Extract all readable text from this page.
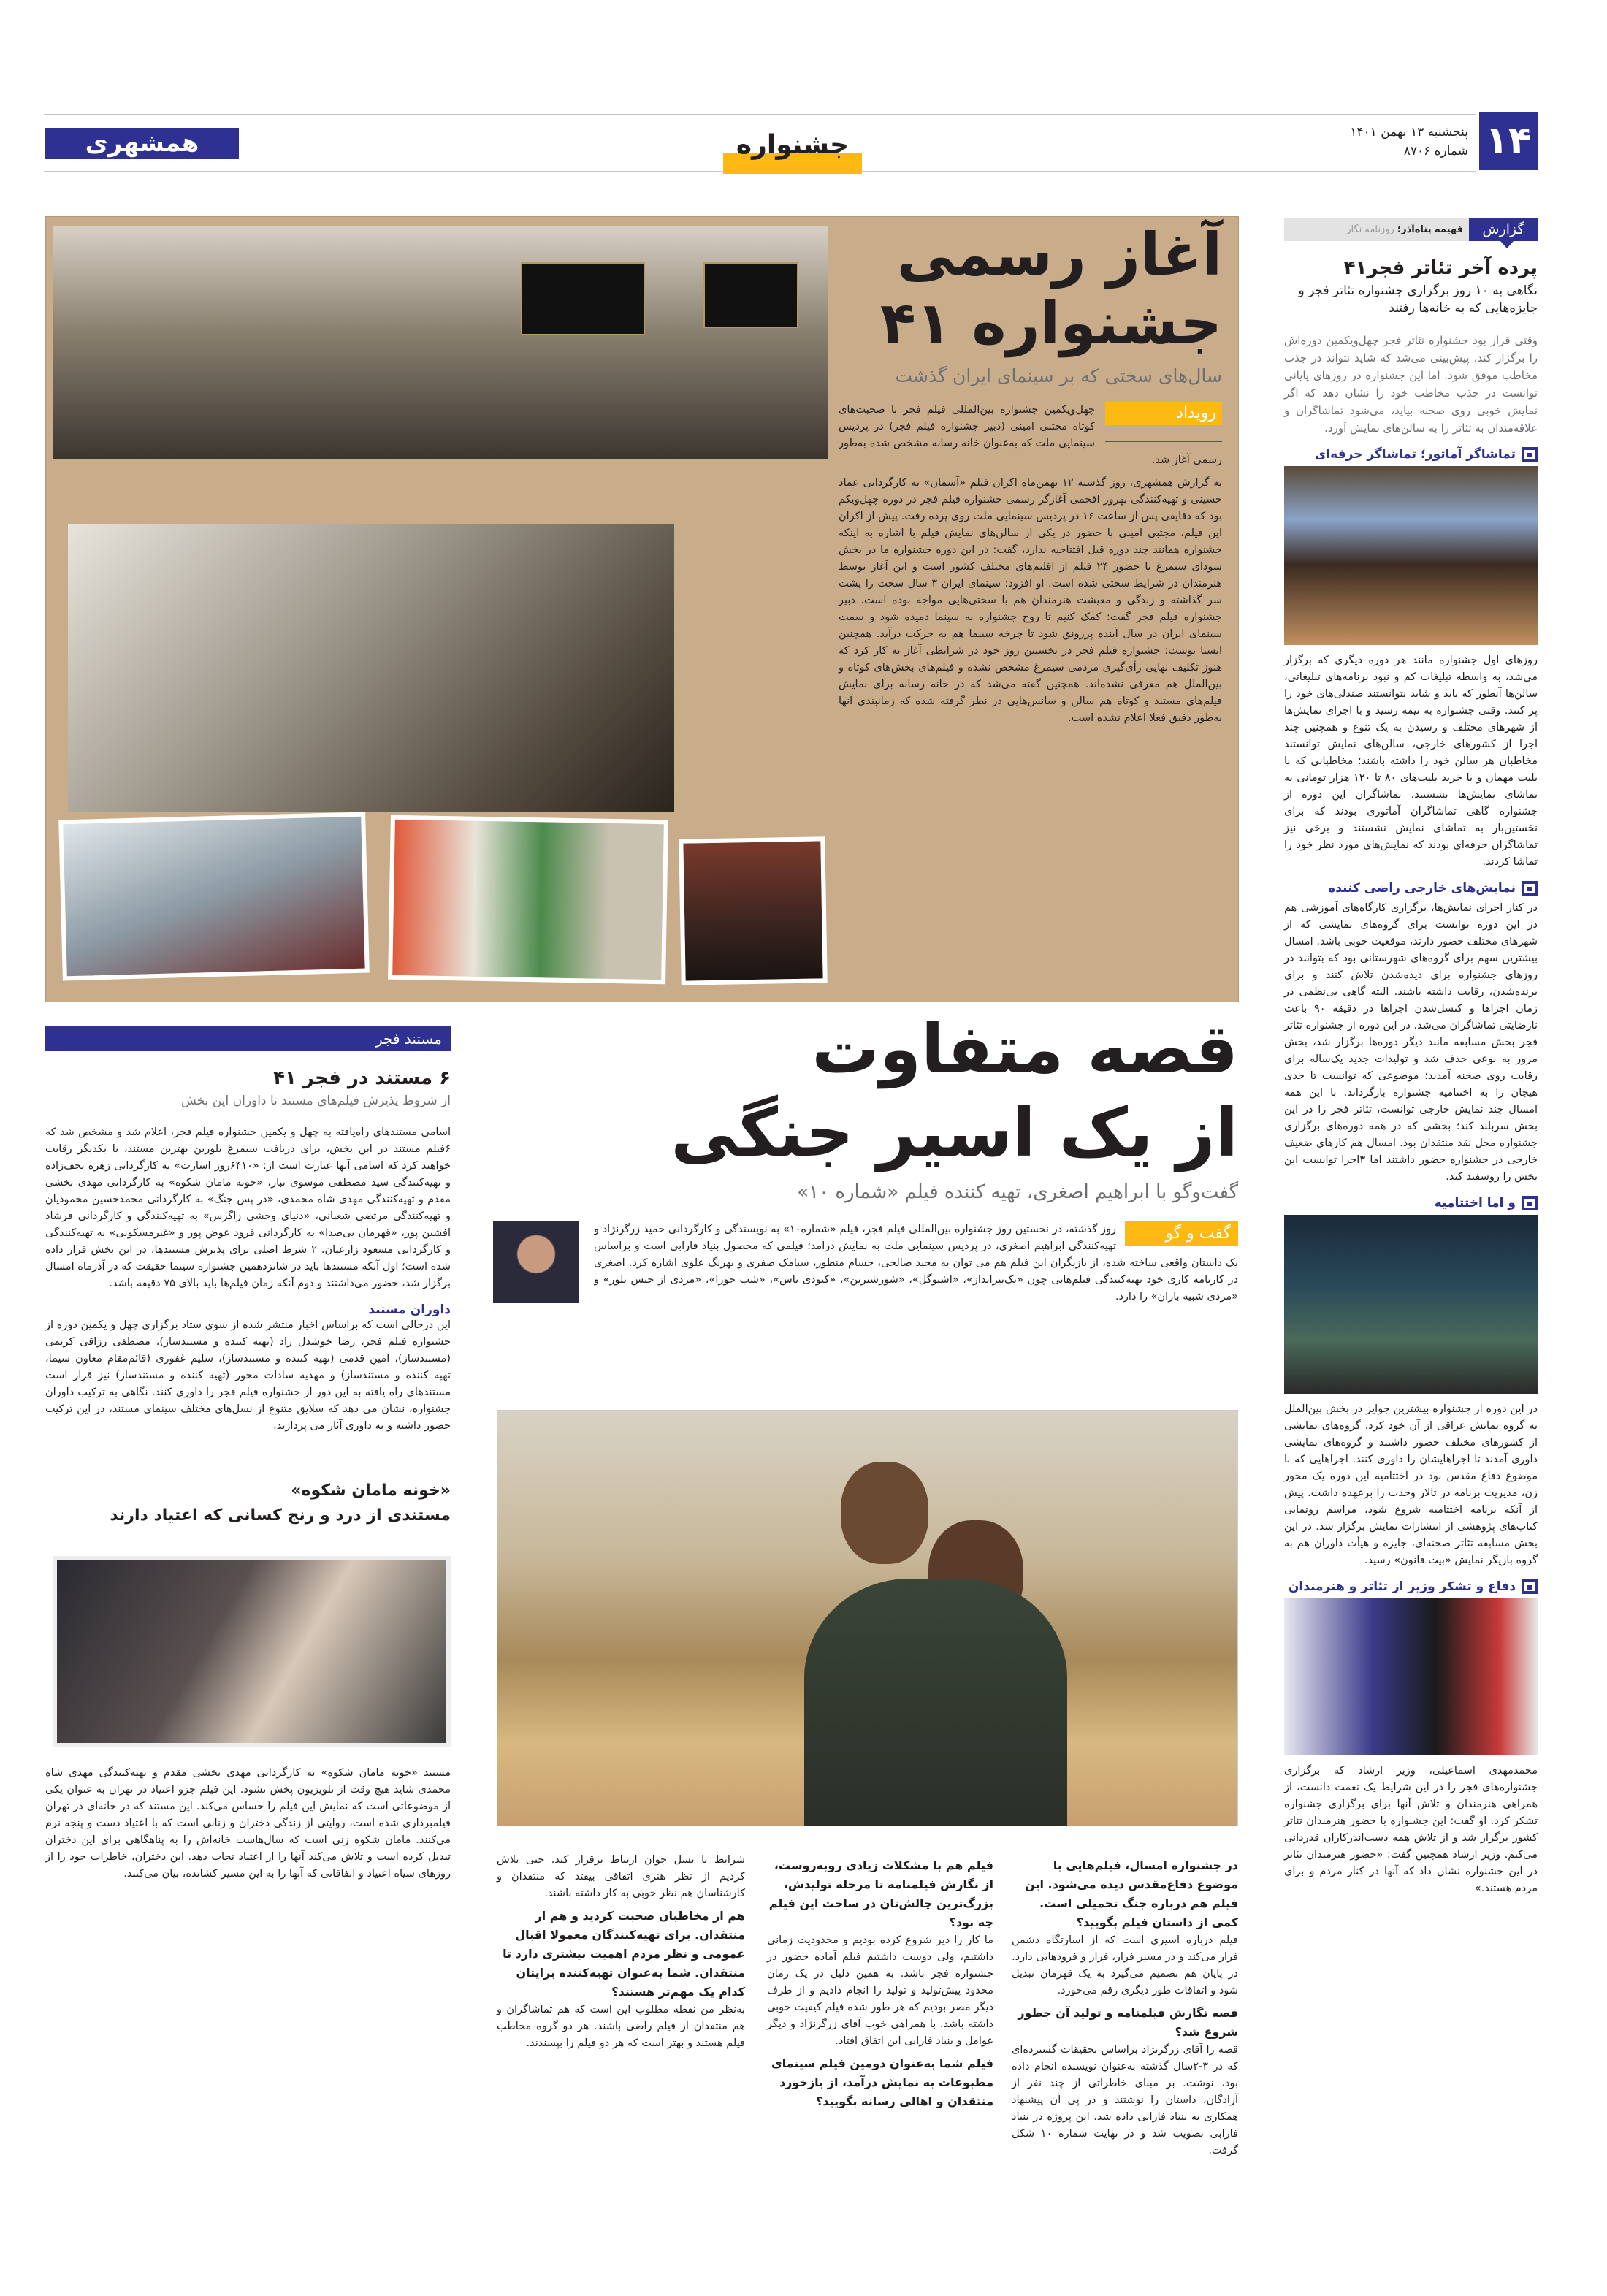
۱۴
پنجشنبه ۱۳ بهمن ۱۴۰۱
شماره ۸۷۰۶
همشهری	جشنواره
آغاز رسمی
جشنواره ۴۱
سال‌های سختی که بر سینمای ایران گذشت
رویداد
چهل‌ویکمین جشنواره بین‌المللی فیلم فجر با صحبت‌های کوتاه مجتبی امینی (دبیر جشنواره فیلم فجر) در پردیس سینمایی ملت که به‌عنوان خانه رسانه مشخص شده به‌طور رسمی آغاز شد.
به گزارش همشهری، روز گذشته ۱۲ بهمن‌ماه اکران فیلم «آسمان» به کارگردانی عماد حسینی و تهیه‌کنندگی بهروز افخمی آغازگر رسمی جشنواره فیلم فجر در دوره چهل‌ویکم بود که دقایقی پس از ساعت ۱۶ در پردیس سینمایی ملت روی پرده رفت. پیش از اکران این فیلم، مجتبی امینی با حضور در یکی از سالن‌های نمایش فیلم با اشاره به اینکه جشنواره همانند چند دوره قبل افتتاحیه ندارد، گفت: در این دوره جشنواره ما در بخش سودای سیمرغ با حضور ۲۴ فیلم از اقلیم‌های مختلف کشور است و این آغاز توسط هنرمندان در شرایط سختی شده است. او افزود: سینمای ایران ۳ سال سخت را پشت سر گذاشته و زندگی و معیشت هنرمندان هم با سختی‌هایی مواجه بوده است. دبیر جشنواره فیلم فجر گفت: کمک کنیم تا روح جشنواره به سینما دمیده شود و سمت سینمای ایران در سال آینده پررونق شود تا چرخه سینما هم به حرکت درآید. همچنین ایسنا نوشت: جشنواره فیلم فجر در نخستین روز خود در شرایطی آغاز به کار کرد که هنوز تکلیف نهایی رأی‌گیری مردمی سیمرغ مشخص نشده و فیلم‌های بخش‌های کوتاه و بین‌الملل هم معرفی نشده‌اند. همچنین گفته می‌شد که در خانه رسانه برای نمایش فیلم‌های مستند و کوتاه هم سالن و سانس‌هایی در نظر گرفته شده که زمانبندی آنها به‌طور دقیق فعلا اعلام نشده است.
گزارش
فهیمه پناه‌آذر؛ روزنامه نگار
پرده آخر تئاتر فجر۴۱
نگاهی به ۱۰ روز برگزاری جشنواره تئاتر فجر و جایزه‌هایی که به خانه‌ها رفتند
وقتی قرار بود جشنواره تئاتر فجر چهل‌ویکمین دوره‌اش را برگزار کند، پیش‌بینی می‌شد که شاید نتواند در جذب مخاطب موفق شود. اما این جشنواره در روزهای پایانی توانست در جذب مخاطب خود را نشان دهد که اگر نمایش خوبی روی صحنه بیاید، می‌شود تماشاگران و علاقه‌مندان به تئاتر را به سالن‌های نمایش آورد.
تماشاگر آماتور؛ تماشاگر حرفه‌ای
روزهای اول جشنواره مانند هر دوره دیگری که برگزار می‌شد، به واسطه تبلیغات کم و نبود برنامه‌های تبلیغاتی، سالن‌ها آنطور که باید و شاید نتوانستند صندلی‌های خود را پر کنند. وقتی جشنواره به نیمه رسید و با اجرای نمایش‌ها از شهرهای مختلف و رسیدن به یک تنوع و همچنین چند اجرا از کشورهای خارجی، سالن‌های نمایش توانستند مخاطبان هر سالن خود را داشته باشند؛ مخاطبانی که با بلیت مهمان و با خرید بلیت‌های ۸۰ تا ۱۲۰ هزار تومانی به تماشای نمایش‌ها نشستند. تماشاگران این دوره از جشنواره گاهی تماشاگران آماتوری بودند که برای نخستین‌بار به تماشای نمایش نشستند و برخی نیز تماشاگران حرفه‌ای بودند که نمایش‌های مورد نظر خود را تماشا کردند.
نمایش‌های خارجی راضی کننده
در کنار اجرای نمایش‌ها، برگزاری کارگاه‌های آموزشی هم در این دوره توانست برای گروه‌های نمایشی که از شهرهای مختلف حضور دارند، موقعیت خوبی باشد. امسال بیشترین سهم برای گروه‌های شهرستانی بود که بتوانند در روزهای جشنواره برای دیده‌شدن تلاش کنند و برای برنده‌شدن، رقابت داشته باشند. البته گاهی بی‌نظمی در زمان اجراها و کنسل‌شدن اجراها در دقیقه ۹۰ باعث نارضایتی تماشاگران می‌شد. در این دوره از جشنواره تئاتر فجر بخش مسابقه مانند دیگر دوره‌ها برگزار شد، بخش مرور به نوعی حذف شد و تولیدات جدید یک‌ساله برای رقابت روی صحنه آمدند؛ موضوعی که توانست تا حدی هیجان را به اختتامیه جشنواره بازگرداند. با این همه امسال چند نمایش خارجی توانست، تئاتر فجر را در این بخش سربلند کند؛ بخشی که در همه دوره‌های برگزاری جشنواره محل نقد منتقدان بود. امسال هم کارهای ضعیف خارجی در جشنواره حضور داشتند اما ۳اجرا توانست این بخش را روسفید کند.
و اما اختتامیه
در این دوره از جشنواره بیشترین جوایز در بخش بین‌الملل به گروه نمایش عراقی از آن خود کرد. گروه‌های نمایشی از کشورهای مختلف حضور داشتند و گروه‌های نمایشی داوری آمدند تا اجراهایشان را داوری کنند. اجراهایی که با موضوع دفاع مقدس بود در اختتامیه این دوره یک محور زن، مدیریت برنامه در تالار وحدت را برعهده داشت. پیش از آنکه برنامه اختتامیه شروع شود، مراسم رونمایی کتاب‌های پژوهشی از انتشارات نمایش برگزار شد. در این بخش مسابقه تئاتر صحنه‌ای، جایزه و هیأت داوران هم به گروه بازیگر نمایش «بیت قانون» رسید.
دفاع و تشکر وزیر از تئاتر و هنرمندان
محمدمهدی اسماعیلی، وزیر ارشاد که برگزاری جشنواره‌های فجر را در این شرایط یک نعمت دانست، از همراهی هنرمندان و تلاش آنها برای برگزاری جشنواره تشکر کرد. او گفت: این جشنواره با حضور هنرمندان تئاتر کشور برگزار شد و از تلاش همه دست‌اندرکاران قدردانی می‌کنم. وزیر ارشاد همچنین گفت: «حضور هنرمندان تئاتر در این جشنواره نشان داد که آنها در کنار مردم و برای مردم هستند.»
مستند فجر
۶ مستند در فجر ۴۱
از شروط پذیرش فیلم‌های مستند تا داوران این بخش
اسامی مستندهای راه‌یافته به چهل و یکمین جشنواره فیلم فجر، اعلام شد و مشخص شد که ۶فیلم مستند در این بخش، برای دریافت سیمرغ بلورین بهترین مستند، با یکدیگر رقابت خواهند کرد که اسامی آنها عبارت است از: «۶۴۱۰روز اسارت» به کارگردانی زهره نجف‌زاده و تهیه‌کنندگی سید مصطفی موسوی تبار، «خونه مامان شکوه» به کارگردانی مهدی بخشی مقدم و تهیه‌کنندگی مهدی شاه محمدی، «در پس جنگ» به کارگردانی محمدحسین محمودیان و تهیه‌کنندگی مرتضی شعبانی، «دنیای وحشی زاگرس» به تهیه‌کنندگی و کارگردانی فرشاد افشین پور، «قهرمان بی‌صدا» به کارگردانی فرود عوض پور و «غیرمسکونی» به تهیه‌کنندگی و کارگردانی مسعود زارعیان. ۲ شرط اصلی برای پذیرش مستندها، در این بخش قرار داده شده است؛ اول آنکه مستندها باید در شانزدهمین جشنواره سینما حقیقت که در آذرماه امسال برگزار شد، حضور می‌داشتند و دوم آنکه زمان فیلم‌ها باید بالای ۷۵ دقیقه باشد.
داوران مستند
این درحالی است که براساس اخبار منتشر شده از سوی ستاد برگزاری چهل و یکمین دوره از جشنواره فیلم فجر، رضا خوشدل راد (تهیه کننده و مستندساز)، مصطفی رزاقی کریمی (مستندساز)، امین قدمی (تهیه کننده و مستندساز)، سلیم غفوری (قائم‌مقام معاون سیما، تهیه کننده و مستندساز) و مهدیه سادات محور (تهیه کننده و مستندساز) نیز قرار است مستندهای راه یافته به این دور از جشنواره فیلم فجر را داوری کنند. نگاهی به ترکیب داوران جشنواره، نشان می دهد که سلایق متنوع از نسل‌های مختلف سینمای مستند، در این ترکیب حضور داشته و به داوری آثار می پردازند.
«خونه مامان شکوه»
مستندی از درد و رنج کسانی که اعتیاد دارند
مستند «خونه مامان شکوه» به کارگردانی مهدی بخشی مقدم و تهیه‌کنندگی مهدی شاه محمدی شاید هیچ وقت از تلویزیون پخش نشود. این فیلم جزو اعتیاد در تهران به عنوان یکی از موضوعاتی است که نمایش این فیلم را حساس می‌کند. این مستند که در خانه‌ای در تهران فیلمبرداری شده است، روایتی از زندگی دختران و زنانی است که با اعتیاد دست و پنجه نرم می‌کنند. مامان شکوه زنی است که سال‌هاست خانه‌اش را به پناهگاهی برای این دختران تبدیل کرده است و تلاش می‌کند آنها را از اعتیاد نجات دهد. این دختران، خاطرات خود را از روزهای سیاه اعتیاد و اتفاقاتی که آنها را به این مسیر کشانده، بیان می‌کنند.
قصه متفاوت
از یک اسیر جنگی
گفت‌وگو با ابراهیم اصغری، تهیه کننده فیلم «شماره ۱۰»
گفت و گو
روز گذشته، در نخستین روز جشنواره بین‌المللی فیلم فجر، فیلم «شماره۱۰» به نویسندگی و کارگردانی حمید زرگرنژاد و تهیه‌کنندگی ابراهیم اصغری، در پردیس سینمایی ملت به نمایش درآمد؛ فیلمی که محصول بنیاد فارابی است و براساس یک داستان واقعی ساخته شده، از بازیگران این فیلم هم می توان به مجید صالحی، حسام منظور، سیامک صفری و بهرنگ علوی اشاره کرد. اصغری در کارنامه کاری خود تهیه‌کنندگی فیلم‌هایی چون «تک‌تیرانداز»، «اشنوگل»، «شورشیرین»، «کبودی یاس»، «شب حورا»، «مردی از جنس بلور» و «مردی شبیه باران» را دارد.
در جشنواره امسال، فیلم‌هایی با موضوع دفاع‌مقدس دیده می‌شود. این فیلم هم درباره جنگ تحمیلی است. کمی از داستان فیلم بگویید؟
فیلم درباره اسیری است که از اسارتگاه دشمن فرار می‌کند و در مسیر فرار، فراز و فرودهایی دارد. در پایان هم تصمیم می‌گیرد به یک قهرمان تبدیل شود و اتفاقات طور دیگری رقم می‌خورد.
قصه نگارش فیلمنامه و تولید آن چطور شروع شد؟
قصه را آقای زرگرنژاد براساس تحقیقات گسترده‌ای که در ۳-۲سال گذشته به‌عنوان نویسنده انجام داده بود، نوشت. بر مبنای خاطراتی از چند نفر از آزادگان، داستان را نوشتند و در پی آن پیشنهاد همکاری به بنیاد فارابی داده شد. این پروژه در بنیاد فارابی تصویب شد و در نهایت شماره ۱۰ شکل گرفت.
فیلم هم با مشکلات زیادی روبه‌روست، از نگارش فیلمنامه تا مرحله تولیدش، بزرگ‌ترین چالش‌تان در ساخت این فیلم چه بود؟
ما کار را دیر شروع کرده بودیم و محدودیت زمانی داشتیم، ولی دوست داشتیم فیلم آماده حضور در جشنواره فجر باشد. به همین دلیل در یک زمان محدود پیش‌تولید و تولید را انجام دادیم و از طرف دیگر مصر بودیم که هر طور شده فیلم کیفیت خوبی داشته باشد. با همراهی خوب آقای زرگرنژاد و دیگر عوامل و بنیاد فارابی این اتفاق افتاد.
فیلم شما به‌عنوان دومین فیلم سینمای مطبوعات به نمایش درآمد، از بازخورد منتقدان و اهالی رسانه بگویید؟
شرایط با نسل جوان ارتباط برقرار کند. حتی تلاش کردیم از نظر هنری اتفاقی بیفتد که منتقدان و کارشناسان هم نظر خوبی به کار داشته باشند.
هم از مخاطبان صحبت کردید و هم از منتقدان. برای تهیه‌کنندگان معمولا اقبال عمومی و نظر مردم اهمیت بیشتری دارد تا منتقدان. شما به‌عنوان تهیه‌کننده برایتان کدام یک مهم‌تر هستند؟
به‌نظر من نقطه مطلوب این است که هم تماشاگران و هم منتقدان از فیلم راضی باشند. هر دو گروه مخاطب فیلم هستند و بهتر است که هر دو فیلم را بپسندند.
